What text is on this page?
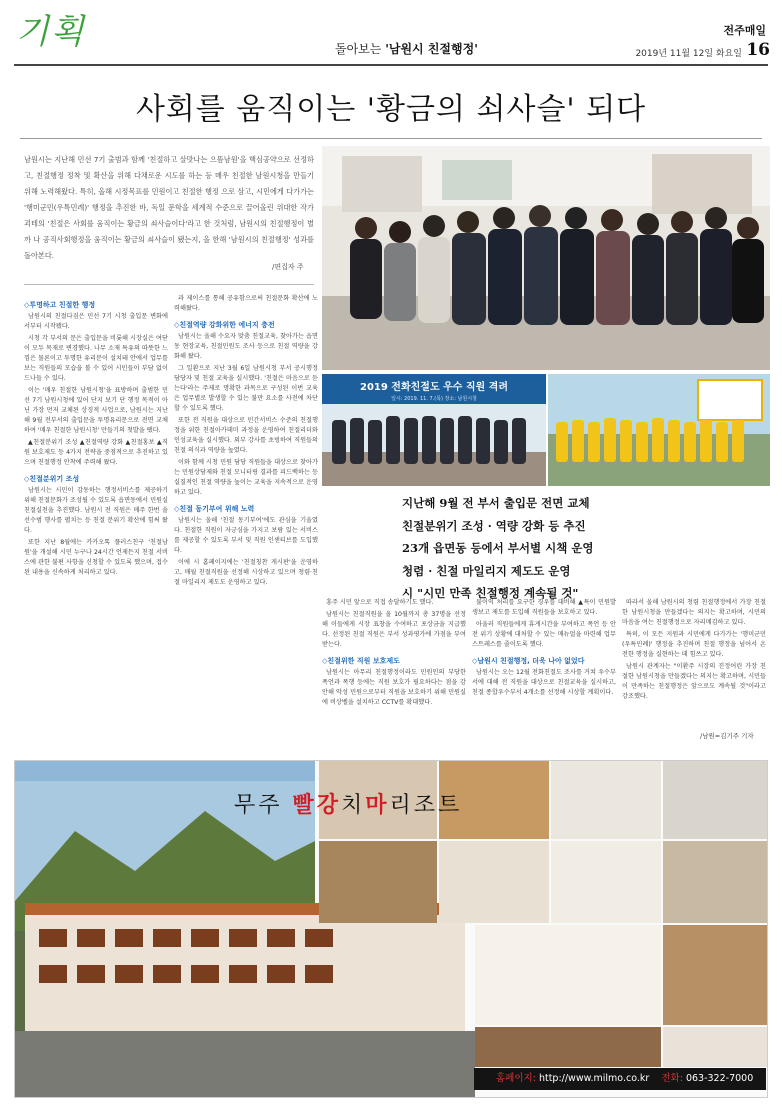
기획	돌아보는 '남원시 친절행정'
전주매일
2019년 11월 12일 화요일 16
사회를 움직이는 '황금의 쇠사슬' 되다
남원시는 지난해 민선 7기 출범과 함께 '친절하고 살맛나는 으뜸남원'을 핵심공약으로 선정하고, 친절행정 정착 및 확산을 위해 다채로운 시도를 하는 등 매우 친절한 남원시청을 만들기 위해 노력해왔다. 특히, 올해 시정목표를 민원이고 친절한 행정 으로 삼고, 시민에게 다가가는 '행미군민(우특민례)' 행정을 추진한 바, 독일 문학을 세계적 수준으로 끌어올린 위대한 작가 괴테의 '친절은 사회를 움직이는 황금의 쇠사슬이다'라고 한 것처럼, 남원시의 친절행정이 별까 나 공직사회행정을 움직이는 황금의 쇠사슬이 됐는지, 올 한해 '남원시의 친절행정' 성과를 돌아본다.
/편집자 주
2019 전화친절도 우수 직원 격려
일시: 2019. 11. 7.(목) 장소: 남원시청
지난해 9월 전 부서 출입문 전면 교체
친절분위기 조성 · 역량 강화 등 추진
23개 읍면동 등에서 부서별 시책 운영
청렴 · 친절 마일리지 제도도 운영
시 "시민 만족 친절행정 계속될 것"
◇투명하고 친절한 행정

남원시의 친절다짐은 민선 7기 시청 출입문 변화에서부터 시작됐다.

시청 각 부서의 문은 출입문을 비롯해 시장실은 여닫이 모두 목재로 변경했다. 나무 소재 특유의 따뜻한 느낌은 물론이고 투명한 유리문이 설치돼 안에서 업무를 보는 직원들의 모습을 볼 수 있어 시민들이 부담 없이 드나들 수 있다.

이는 '매우 친절한 남원시청'을 표방하며 출범한 민선 7기 남원시청에 있어 단지 보기 단 행정 목적이 아닌 가장 먼저 교체된 상징적 사업으로, 남원시는 지난해 9월 전부서의 출입문을 투명유리문으로 전면 교체하여 '매우 친절한 남원시청' 만들기의 첫발을 뗐다.

▲친절분위기 조성 ▲친절역량 강화 ▲친절홍보 ▲직원 보호제도 등 4가지 전략을 중점적으로 추진하고 있으며 친절행정 안착에 주력해 왔다.

◇친절분위기 조성

남원시는 시민이 감동하는 행정서비스를 제공하기 위해 친절문화가 조성될 수 있도록 읍면동에서 민원실 친절실천을 추진했다. 남원시 전 직원은 매주 한번 솔선수범 행사를 펼치는 등 친절 분위기 확산에 힘써 왔다.

또한 지난 8월에는 카카오톡 플러스친구 '친절남원'을 개설해 시민 누구나 24시간 언제든지 친절 서비스에 관한 불편 사항을 신청할 수 있도록 했으며, 접수된 내용을 신속하게 처리하고 있다.

과 제이스를 통해 공유함으로써 친절문화 확산에 노력해왔다.

◇친절역량 강화위한 에너지 충전

남원시는 올해 수요자 맞춤 친절교육, 찾아가는 읍면동 현장교육, 친절민원도 조사 등으로 친절 역량을 강화해 왔다.

그 일환으로 지난 3월 6일 남원시청 부서 공시행정담당자 및 친절 교육을 실시했다. '친절은 마음으로 듣는다'라는 주제로 명확한 과목으로 구성된 이번 교육은 업무별로 발생할 수 있는 불만 요소를 사전에 차단할 수 있도록 했다.

또한 전 직원을 대상으로 민간서비스 수준의 친절행정을 위한 친절아카데미 과정을 운영하여 친절리더와 인성교육을 실시했다. 외부 강사를 초빙하여 직원들의 친절 의식과 역량을 높였다.

이와 함께 시청 민원 담당 직원들을 대상으로 찾아가는 민원상담제와 친절 모니터링 결과를 피드백하는 등 실질적인 친절 역량을 높이는 교육을 지속적으로 운영하고 있다.

◇친절 동기부여 위해 노력

남원시는 올해 '친절 동기부여'에도 관심을 기울였다. 친절한 직원이 자긍심을 가지고 보람 있는 서비스를 제공할 수 있도록 부서 및 직원 인센티브를 도입했다.

이에 시 홈페이지에는 '친절칭찬 게시판'을 운영하고, 매월 친절직원을 선정해 시상하고 있으며 청렴·친절 마일리지 제도도 운영하고 있다.

흥주 시민 앞으로 직접 송달하기도 했다.

남원시는 친절직원을 올 10월까지 총 37명을 선정해 이들에게 시장 표창을 수여하고 포상금을 지급했다. 선정된 친절 직원은 부서 성과평가에 가점을 부여받는다.

◇친절위한 직원 보호제도

남원시는 아무리 친절행정이라도 민원인의 부당한 폭언과 폭행 등에는 직원 보호가 필요하다는 점을 감안해 악성 민원으로부터 직원을 보호하기 위해 민원실에 비상벨을 설치하고 CCTV를 확대했다.

불이익 처리를 요구한 경우를 대비해 ▲특이 민원발생보고 제도를 도입해 직원들을 보호하고 있다.

아울러 직원들에게 휴게시간을 부여하고 폭언 등 안전 위기 상황에 대처할 수 있는 매뉴얼을 마련해 업무 스트레스를 줄이도록 했다.

◇남원시 친절행정, 더욱 나아 없었다

남원시는 오는 12월 전화친절도 조사를 거쳐 우수부서에 대해 전 직원을 대상으로 친절교육을 실시하고, 친절 종합우수부서 4개소를 선정해 시상할 계획이다.

따라서 올해 남원시의 청렴 친절행정에서 가장 친절한 남원시청을 만들겠다는 의지는 확고하며, 시민의 마음을 여는 친절행정으로 자리매김하고 있다.

특히, 이 모든 지원과 시민에게 다가가는 '행미군민(우특민례)' 행정을 추진하며 친절 행정을 넘어서 온 전한 행정을 실현하는 데 힘쓰고 있다.

남원시 관계자는 "이환주 시장의 진정어린 가장 친절한 남원시청을 만들겠다는 의지는 확고하며, 시민들이 만족하는 친절행정은 앞으로도 계속될 것"이라고 강조했다.

/남원=김기주 기자
무주 빨강치마리조트
홈페이지: http://www.milmo.co.kr 전화: 063-322-7000
